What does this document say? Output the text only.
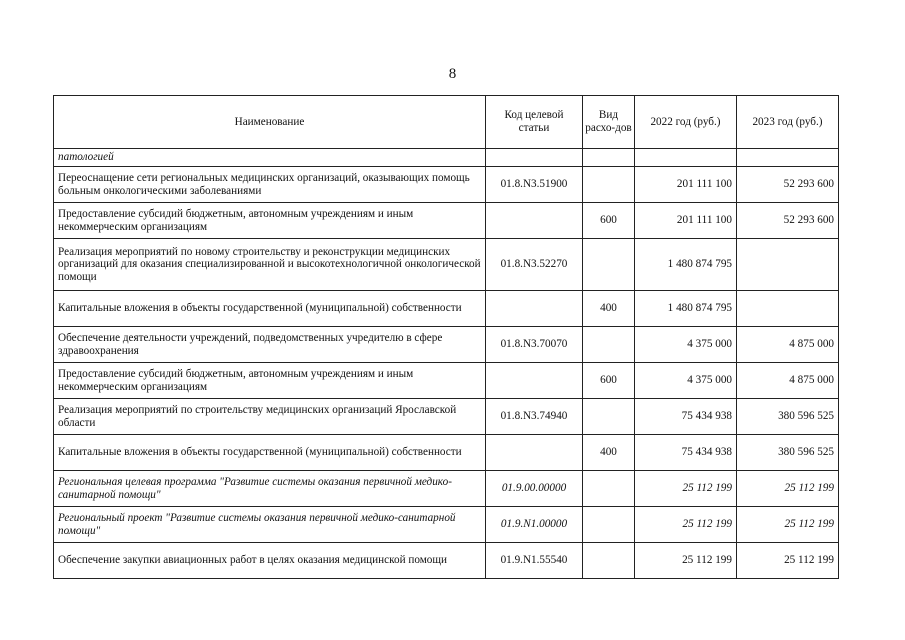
8
Наименование	Код целевой статьи	Вид расхо-дов	2022 год (руб.)	2023 год (руб.)
патологией				
Переоснащение сети региональных медицинских организаций, оказывающих помощь больным онкологическими заболеваниями	01.8.N3.51900		201 111 100	52 293 600
Предоставление субсидий бюджетным, автономным учреждениям и иным некоммерческим организациям		600	201 111 100	52 293 600
Реализация мероприятий по новому строительству и реконструкции медицинских организаций для оказания специализированной и высокотехнологичной онкологической помощи	01.8.N3.52270		1 480 874 795	
Капитальные вложения в объекты государственной (муниципальной) собственности		400	1 480 874 795	
Обеспечение деятельности учреждений, подведомственных учредителю в сфере здравоохранения	01.8.N3.70070		4 375 000	4 875 000
Предоставление субсидий бюджетным, автономным учреждениям и иным некоммерческим организациям		600	4 375 000	4 875 000
Реализация мероприятий по строительству медицинских организаций Ярославской области	01.8.N3.74940		75 434 938	380 596 525
Капитальные вложения в объекты государственной (муниципальной) собственности		400	75 434 938	380 596 525
Региональная целевая программа "Развитие системы оказания первичной медико-санитарной помощи"	01.9.00.00000		25 112 199	25 112 199
Региональный проект "Развитие системы оказания первичной медико-санитарной помощи"	01.9.N1.00000		25 112 199	25 112 199
Обеспечение закупки авиационных работ в целях оказания медицинской помощи	01.9.N1.55540		25 112 199	25 112 199
